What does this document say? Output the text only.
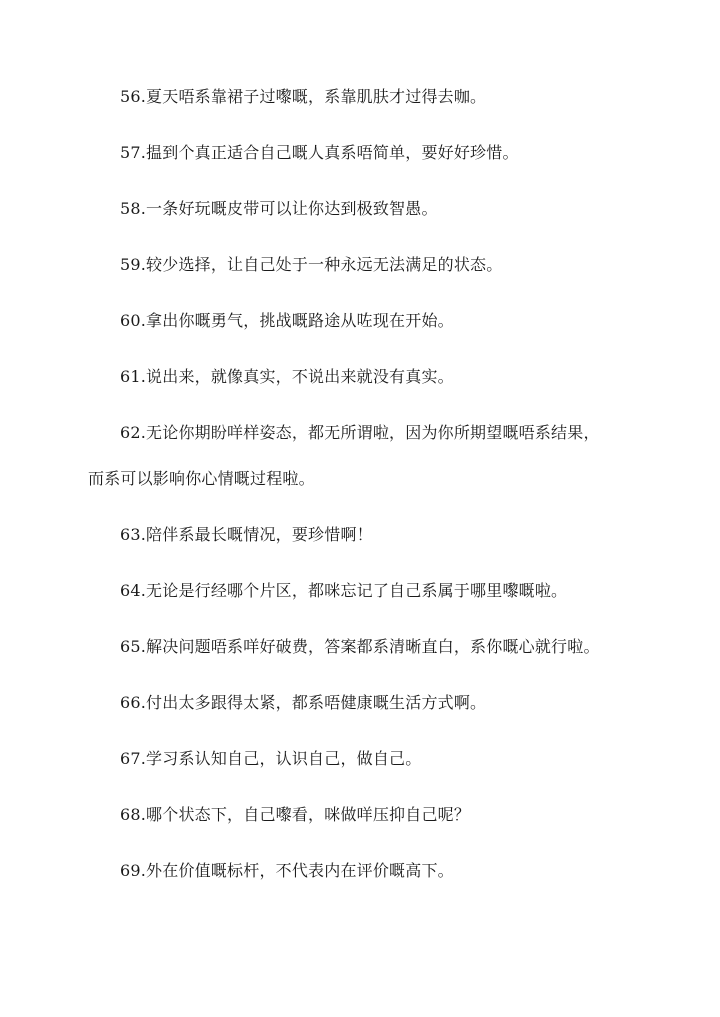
56.夏天唔系靠裙子过嚟嘅，系靠肌肤才过得去咖。
57.揾到个真正适合自己嘅人真系唔简单，要好好珍惜。
58.一条好玩嘅皮带可以让你达到极致智愚。
59.较少选择，让自己处于一种永远无法满足的状态。
60.拿出你嘅勇气，挑战嘅路途从咗现在开始。
61.说出来，就像真实，不说出来就没有真实。
62.无论你期盼咩样姿态，都无所谓啦，因为你所期望嘅唔系结果，
而系可以影响你心情嘅过程啦。
63.陪伴系最长嘅情况，要珍惜啊！
64.无论是行经哪个片区，都咪忘记了自己系属于哪里嚟嘅啦。
65.解决问题唔系咩好破费，答案都系清晰直白，系你嘅心就行啦。
66.付出太多跟得太紧，都系唔健康嘅生活方式啊。
67.学习系认知自己，认识自己，做自己。
68.哪个状态下，自己嚟看，咪做咩压抑自己呢？
69.外在价值嘅标杆，不代表内在评价嘅高下。
